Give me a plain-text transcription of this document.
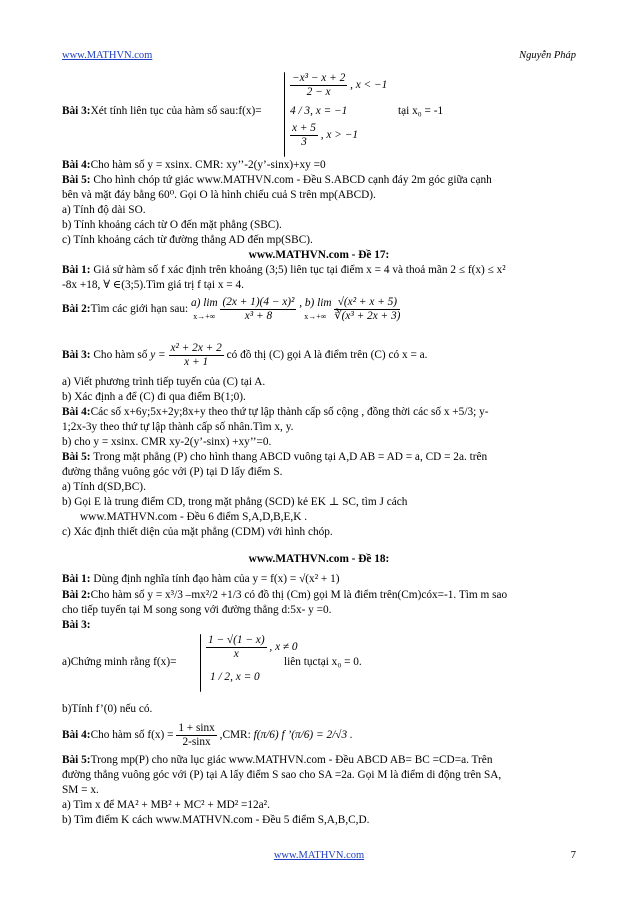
www.MATHVN.com	Nguyễn Pháp
$\frac{\text{−x³ − x + 2}}{2 - x}$ , x < −1
4 / 3, x = −1
$\frac{x + 5}{3}$ , x > −1
Bài 3:Xét tính liên tục của hàm số sau:f(x)=	tại x₀ = -1
Bài 4:Cho hàm số y = xsinx. CMR: xy’’-2(y’-sinx)+xy =0
Bài 5: Cho hình chóp tứ giác www.MATHVN.com - Đều S.ABCD cạnh đáy 2m góc giữa cạnh
bên và mặt đáy bằng 60⁰. Gọi O là hình chiếu cuả S trên mp(ABCD).
a) Tính độ dài SO.
b) Tính khoảng cách từ O đến mặt phẳng (SBC).
c) Tính khoảng cách từ đường thẳng AD đến mp(SBC).
www.MATHVN.com - Đề 17:
Bài 1: Giả sử hàm số f xác định trên khoảng (3;5) liên tục tại điểm x = 4 và thoả mãn 2 ≤ f(x) ≤ x²
-8x +18, ∀ ∈(3;5).Tìm giá trị f tại x = 4.
Bài 2:Tìm các giới hạn sau:
a) lim
x→+∞
$\frac{\text{(2x + 1)(4 − x)²}}{\text{x³ + 8}}$
, b) lim
x→+∞
$\frac{\text{√(x² + x + 5)}}{\text{∛(x³ + 2x + 3)}}$
Bài 3: Cho hàm số $y = \frac{\text{x² + 2x + 2}}{x + 1}$ có đồ thị (C) gọi A là điểm trên (C) có x = a.
a) Viết phương trình tiếp tuyến của (C) tại A.
b) Xác định a để (C) đi qua điểm B(1;0).
Bài 4:Các số x+6y;5x+2y;8x+y theo thứ tự lập thành cấp số cộng , đồng thời các số x +5/3; y-
1;2x-3y theo thứ tự lập thành cấp số nhân.Tìm x, y.
b) cho y = xsinx. CMR xy-2(y’-sinx) +xy’’=0.
Bài 5: Trong mặt phẳng (P) cho hình thang ABCD vuông tại A,D AB = AD = a, CD = 2a. trên
đường thẳng vuông góc với (P) tại D lấy điểm S.
a) Tính d(SD,BC).
b) Gọi E là trung điểm CD, trong mặt phẳng (SCD) kẻ EK ⊥ SC, tìm J cách
www.MATHVN.com - Đều 6 điểm S,A,D,B,E,K .
c) Xác định thiết diện của mặt phẳng (CDM) với hình chóp.
www.MATHVN.com - Đề 18:
Bài 1: Dùng định nghĩa tính đạo hàm của y = f(x) = √(x² + 1)
Bài 2:Cho hàm số y = x³/3 –mx²/2 +1/3 có đồ thị (Cm) gọi M là điểm trên(Cm)cóx=-1. Tìm m sao
cho tiếp tuyến tại M song song với đường thẳng d:5x- y =0.
Bài 3:
$\frac{1 - √(1 - x)}{x}$ , x ≠ 0
1 / 2, x = 0
a)Chứng minh rằng f(x)=	liên tụctại x₀ = 0.
b)Tính f’(0) nếu có.
Bài 4:Cho hàm số $f(x) = \frac{1 + \sin x}{2-\sin x} ,CMR$: f(π/6) f ’(π/6) = 2/√3 .
Bài 5:Trong mp(P) cho nữa lục giác www.MATHVN.com - Đều ABCD AB= BC =CD=a. Trên
đường thẳng vuông góc với (P) tại A lấy điểm S sao cho SA =2a. Gọi M là điểm di động trên SA,
SM = x.
a) Tìm x để MA² + MB² + MC² + MD² =12a².
b) Tìm điểm K cách www.MATHVN.com - Đều 5 điểm S,A,B,C,D.
www.MATHVN.com	7
